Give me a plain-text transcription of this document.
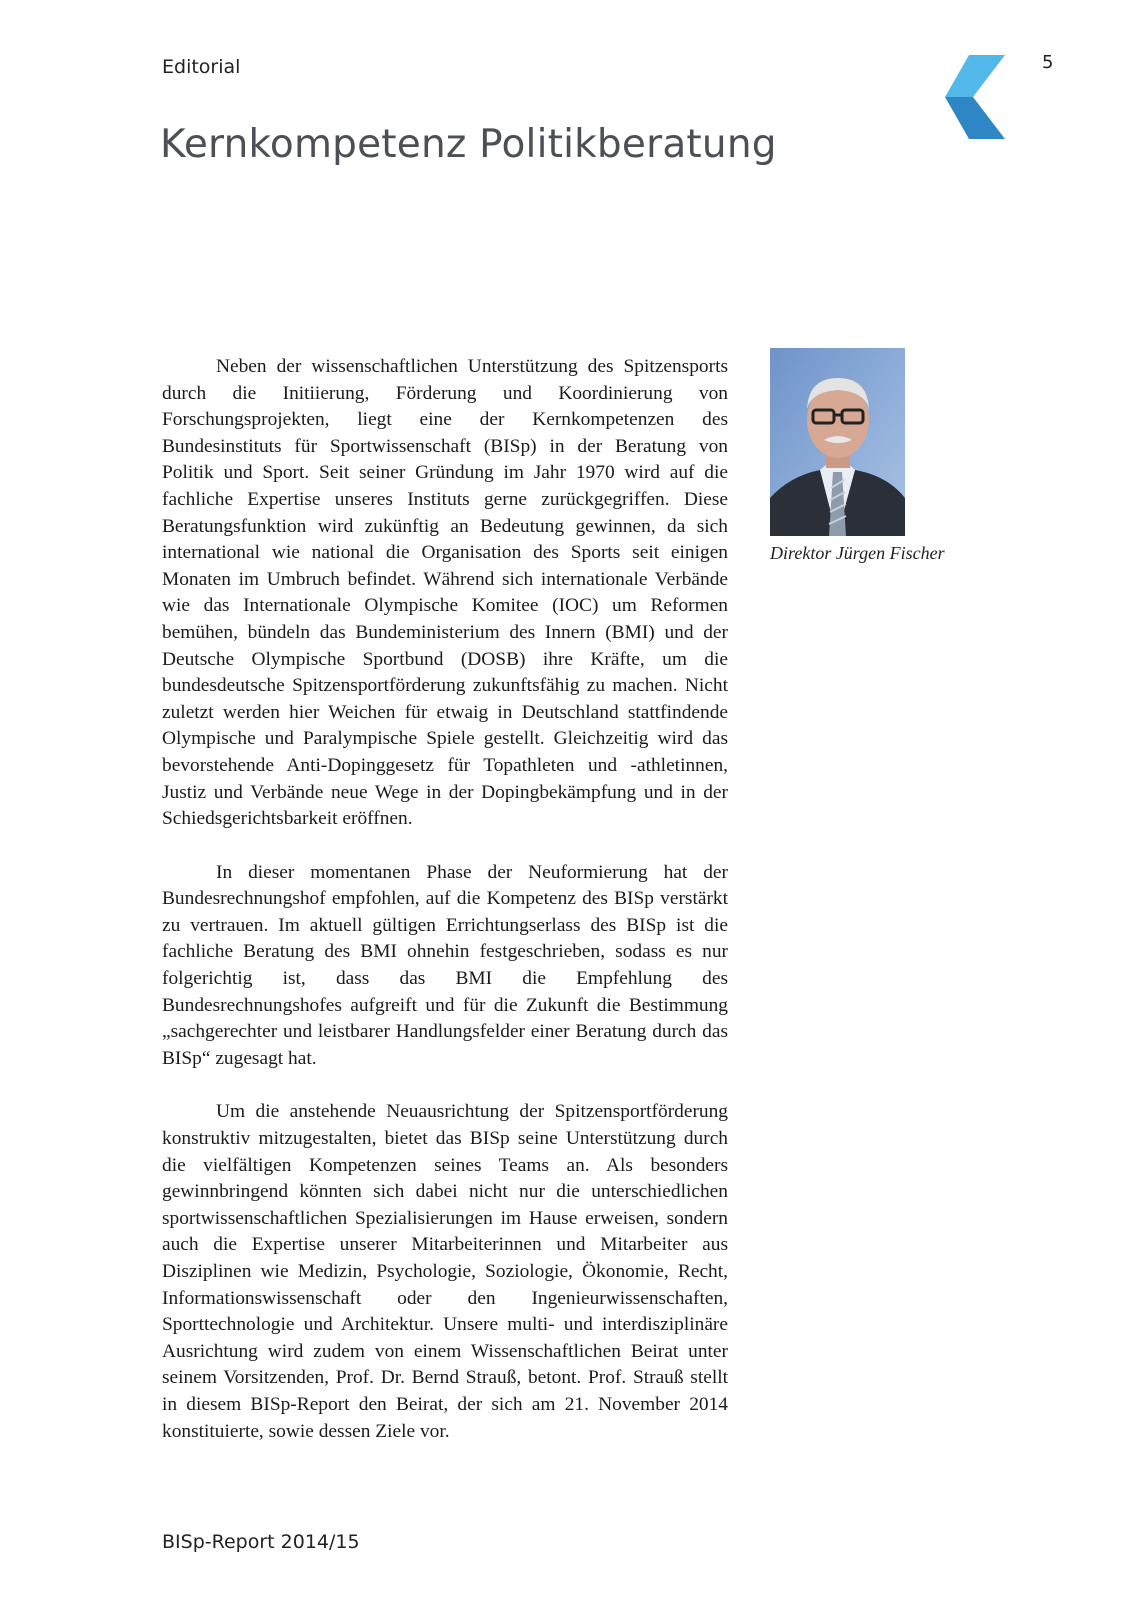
Editorial	5
Kernkompetenz Politikberatung

Neben der wissenschaftlichen Unterstützung des Spitzensports durch die Initiierung, Förderung und Koordinierung von Forschungsprojekten, liegt eine der Kernkompetenzen des Bundesinstituts für Sportwissenschaft (BISp) in der Beratung von Politik und Sport. Seit seiner Gründung im Jahr 1970 wird auf die fachliche Expertise unseres Instituts gerne zurückgegriffen. Diese Beratungsfunktion wird zukünftig an Bedeutung gewinnen, da sich international wie national die Organisation des Sports seit einigen Monaten im Umbruch befindet. Während sich internationale Verbände wie das Internationale Olympische Komitee (IOC) um Reformen bemühen, bündeln das Bundeministerium des Innern (BMI) und der Deutsche Olympische Sportbund (DOSB) ihre Kräfte, um die bundesdeutsche Spitzensportförderung zukunftsfähig zu machen. Nicht zuletzt werden hier Weichen für etwaig in Deutschland stattfindende Olympische und Paralympische Spiele gestellt. Gleichzeitig wird das bevorstehende Anti-Dopinggesetz für Topathleten und -athletinnen, Justiz und Verbände neue Wege in der Dopingbekämpfung und in der Schiedsgerichtsbarkeit eröffnen.

In dieser momentanen Phase der Neuformierung hat der Bundesrechnungshof empfohlen, auf die Kompetenz des BISp verstärkt zu vertrauen. Im aktuell gültigen Errichtungserlass des BISp ist die fachliche Beratung des BMI ohnehin festgeschrieben, sodass es nur folgerichtig ist, dass das BMI die Empfehlung des Bundesrechnungshofes aufgreift und für die Zukunft die Bestimmung „sachgerechter und leistbarer Handlungsfelder einer Beratung durch das BISp“ zugesagt hat.

Um die anstehende Neuausrichtung der Spitzensportförderung konstruktiv mitzugestalten, bietet das BISp seine Unterstützung durch die vielfältigen Kompetenzen seines Teams an. Als besonders gewinnbringend könnten sich dabei nicht nur die unterschiedlichen sportwissenschaftlichen Spezialisierungen im Hause erweisen, sondern auch die Expertise unserer Mitarbeiterinnen und Mitarbeiter aus Disziplinen wie Medizin, Psychologie, Soziologie, Ökonomie, Recht, Informationswissenschaft oder den Ingenieurwissenschaften, Sporttechnologie und Architektur. Unsere multi- und interdisziplinäre Ausrichtung wird zudem von einem Wissenschaftlichen Beirat unter seinem Vorsitzenden, Prof. Dr. Bernd Strauß, betont. Prof. Strauß stellt in diesem BISp-Report den Beirat, der sich am 21. November 2014 konstituierte, sowie dessen Ziele vor.

Direktor Jürgen Fischer
BISp-Report 2014/15
